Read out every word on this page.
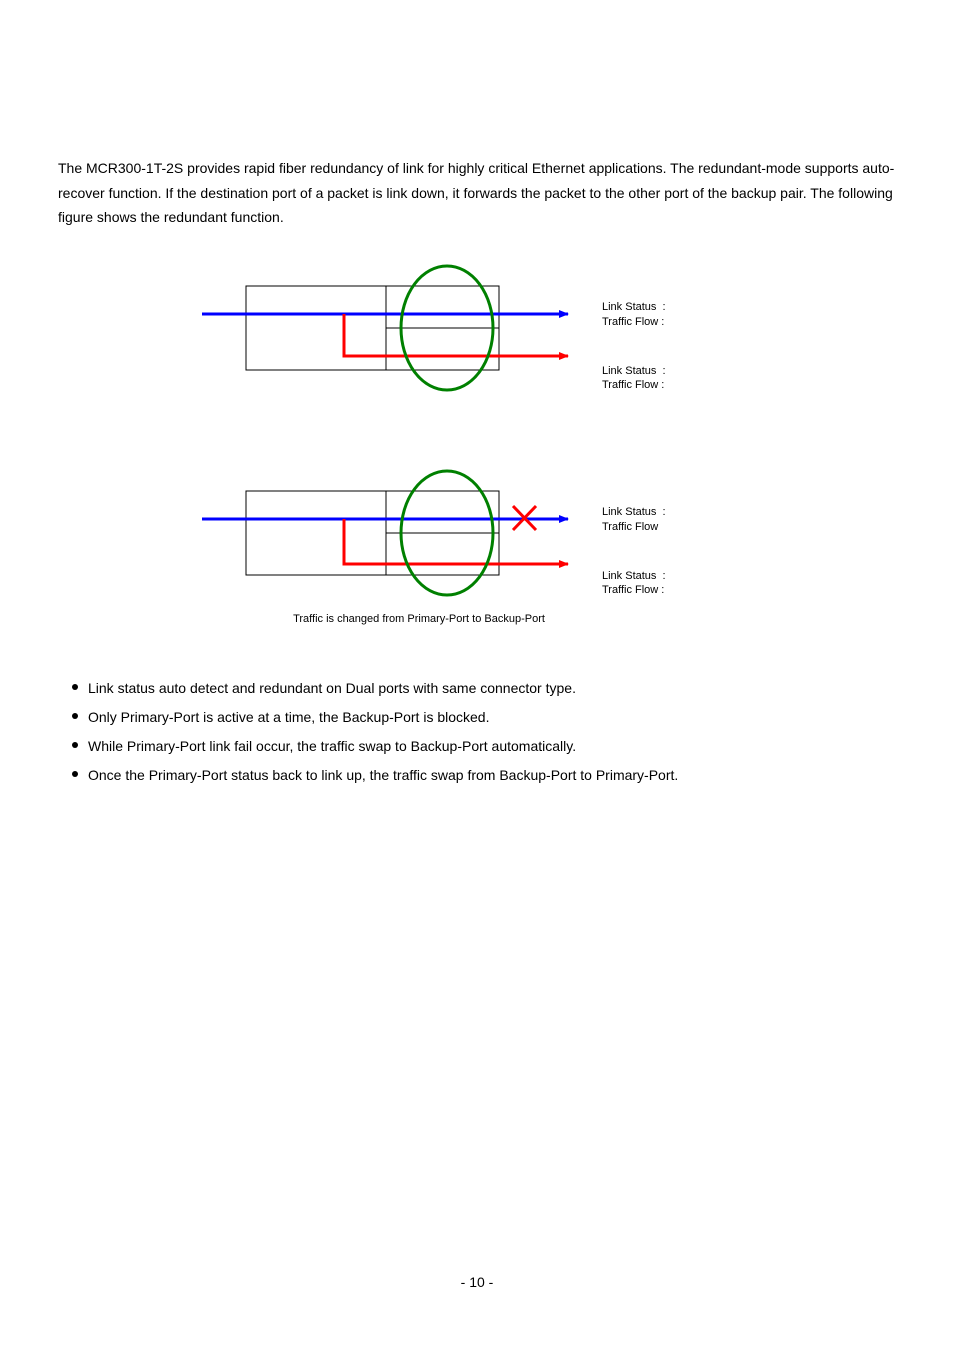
The MCR300-1T-2S provides rapid fiber redundancy of link for highly critical Ethernet applications. The redundant-mode supports auto-recover function. If the destination port of a packet is link down, it forwards the packet to the other port of the backup pair. The following figure shows the redundant function.

Link Status  :
Traffic Flow :
Link Status  :
Traffic Flow :
Link Status  :
Traffic Flow
Link Status  :
Traffic Flow :
Traffic is changed from Primary-Port to Backup-Port
Link status auto detect and redundant on Dual ports with same connector type.
Only Primary-Port is active at a time, the Backup-Port is blocked.
While Primary-Port link fail occur, the traffic swap to Backup-Port automatically.
Once the Primary-Port status back to link up, the traffic swap from Backup-Port to Primary-Port.
- 10 -
